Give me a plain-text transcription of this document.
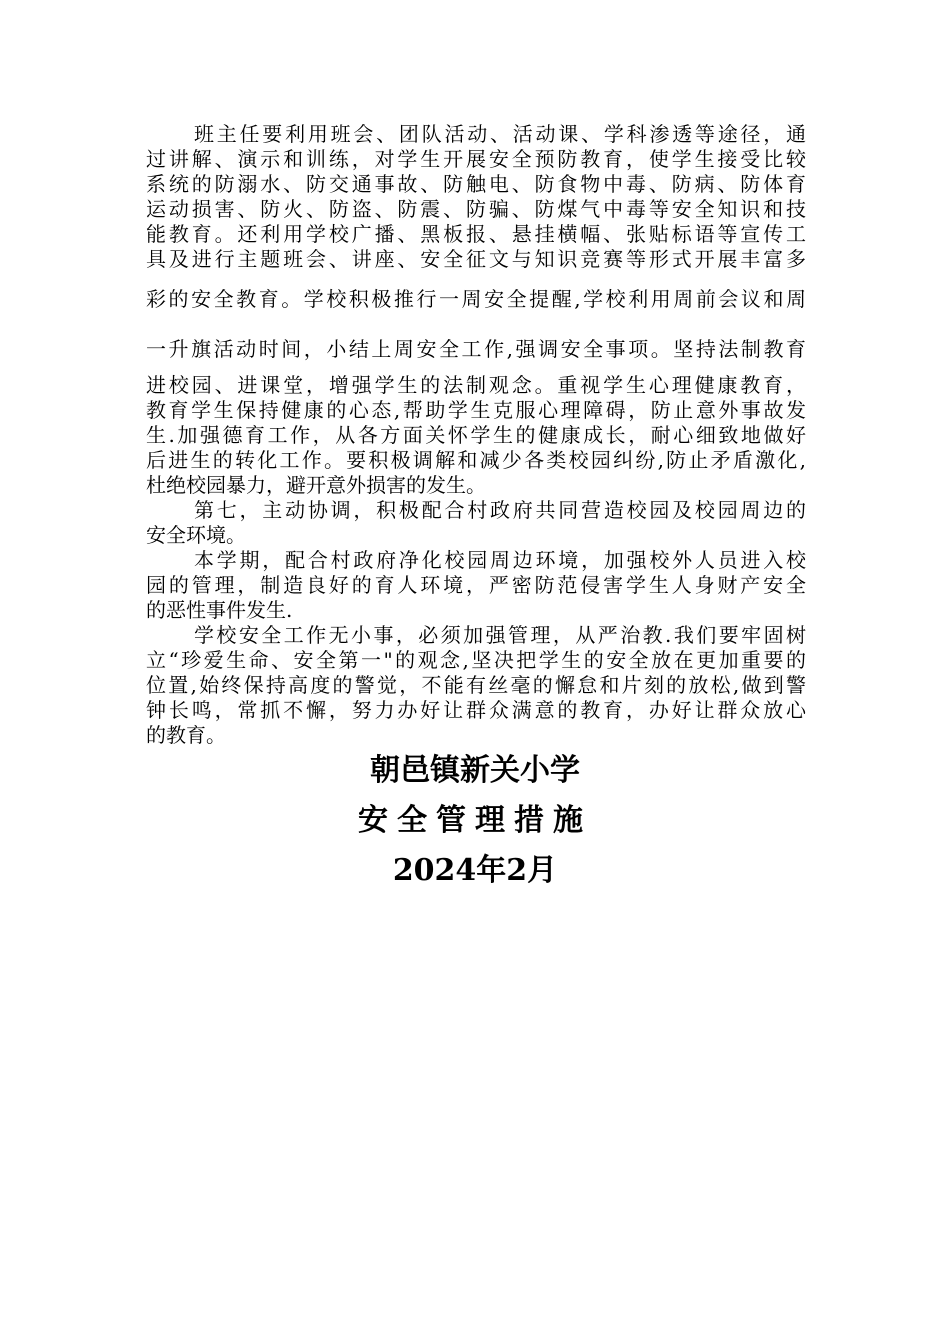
班主任要利用班会、团队活动、活动课、学科渗透等途径，通
过讲解、演示和训练，对学生开展安全预防教育，使学生接受比较
系统的防溺水、防交通事故、防触电、防食物中毒、防病、防体育
运动损害、防火、防盗、防震、防骗、防煤气中毒等安全知识和技
能教育。还利用学校广播、黑板报、悬挂横幅、张贴标语等宣传工
具及进行主题班会、讲座、安全征文与知识竞赛等形式开展丰富多
彩的安全教育。学校积极推行一周安全提醒,学校利用周前会议和周
一升旗活动时间，小结上周安全工作,强调安全事项。坚持法制教育
进校园、进课堂，增强学生的法制观念。重视学生心理健康教育，
教育学生保持健康的心态,帮助学生克服心理障碍，防止意外事故发
生.加强德育工作，从各方面关怀学生的健康成长，耐心细致地做好
后进生的转化工作。要积极调解和减少各类校园纠纷,防止矛盾激化,
杜绝校园暴力，避开意外损害的发生。
第七，主动协调，积极配合村政府共同营造校园及校园周边的
安全环境。
本学期，配合村政府净化校园周边环境，加强校外人员进入校
园的管理，制造良好的育人环境，严密防范侵害学生人身财产安全
的恶性事件发生.
学校安全工作无小事，必须加强管理，从严治教.我们要牢固树
立“珍爱生命、安全第一"的观念,坚决把学生的安全放在更加重要的
位置,始终保持高度的警觉，不能有丝毫的懈怠和片刻的放松,做到警
钟长鸣，常抓不懈，努力办好让群众满意的教育，办好让群众放心
的教育。
朝邑镇新关小学
安全管理措施
2024年2月
